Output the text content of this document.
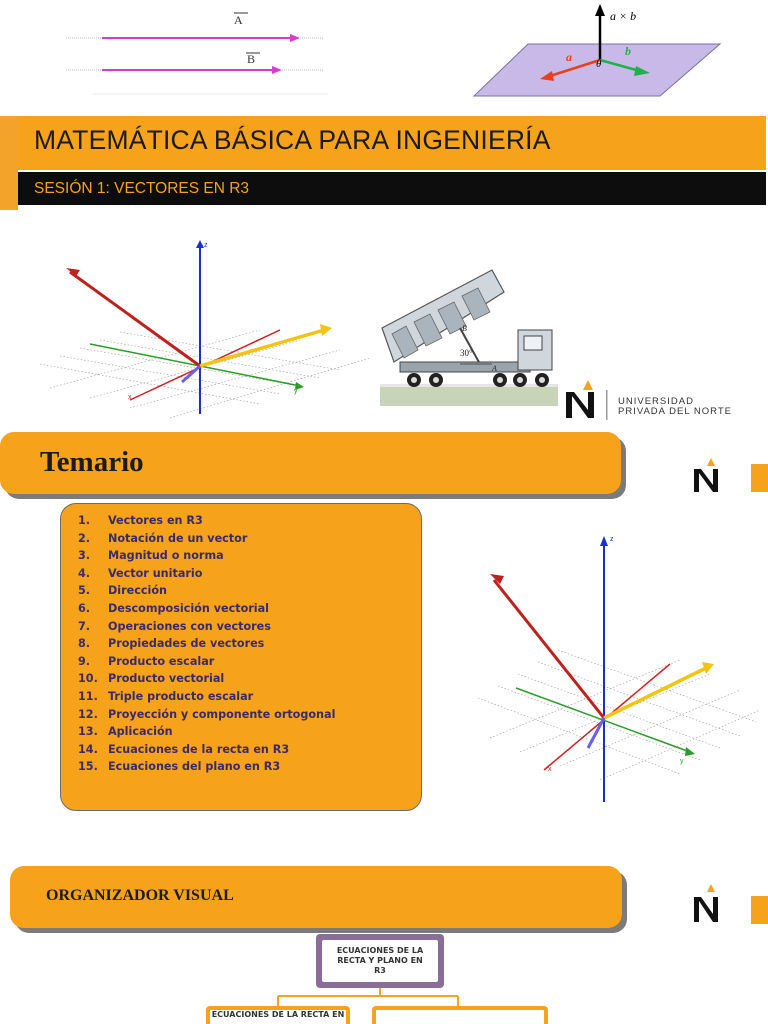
A
B
a × b
a	b
θ
MATEMÁTICA BÁSICA PARA INGENIERÍA
SESIÓN 1: VECTORES EN R3
z
y
x
30°
B
A
UNIVERSIDAD
PRIVADA DEL NORTE
Temario
1. Vectores en R3
2. Notación de un vector
3. Magnitud o norma
4. Vector unitario
5. Dirección
6. Descomposición vectorial
7. Operaciones con vectores
8. Propiedades de vectores
9. Producto escalar
10. Producto vectorial
11. Triple producto escalar
12. Proyección y componente ortogonal
13. Aplicación
14. Ecuaciones de la recta en R3
15. Ecuaciones del plano en R3
z
y
x
ORGANIZADOR VISUAL
ECUACIONES DE LA RECTA Y PLANO EN R3
ECUACIONES DE LA RECTA EN
